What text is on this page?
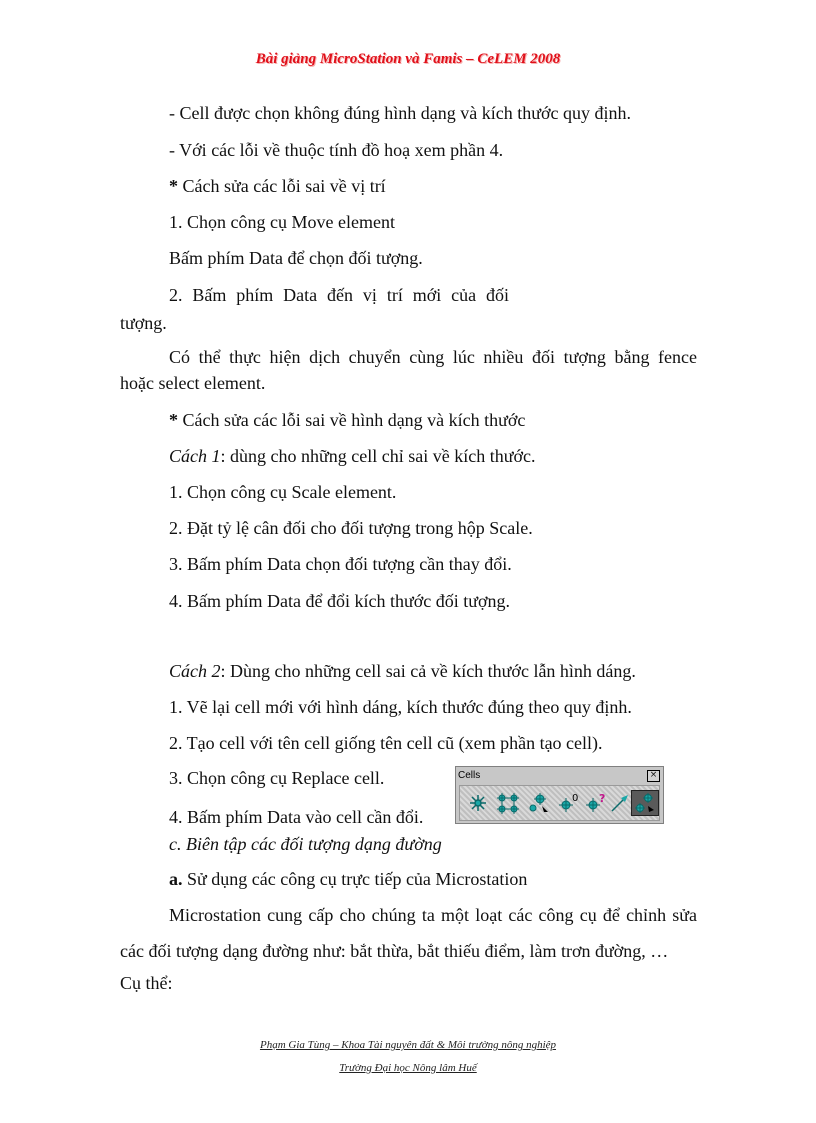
Bài giảng MicroStation và Famis – CeLEM 2008
- Cell được chọn không đúng hình dạng và kích thước quy định.
- Với các lỗi về thuộc tính đồ hoạ xem phần 4.
* Cách sửa các lỗi sai về vị trí
1. Chọn công cụ Move element
Bấm phím Data để chọn đối tượng.
2. Bấm phím Data đến vị trí mới của đối
tượng.
Có thể thực hiện dịch chuyển cùng lúc nhiều đối tượng bằng fence
hoặc select element.
* Cách sửa các lỗi sai về hình dạng và kích thước
Cách 1: dùng cho những cell chỉ sai về kích thước.
1. Chọn công cụ Scale element.
2. Đặt tỷ lệ cân đối cho đối tượng trong hộp Scale.
3. Bấm phím Data chọn đối tượng cần thay đổi.
4. Bấm phím Data để đổi kích thước đối tượng.
Cách 2: Dùng cho những cell sai cả về kích thước lẫn hình dáng.
1. Vẽ lại cell mới với hình dáng, kích thước đúng theo quy định.
2. Tạo cell với tên cell giống tên cell cũ (xem phần tạo cell).
3. Chọn công cụ Replace cell.
4. Bấm phím Data vào cell cần đổi.
c. Biên tập các đối tượng dạng đường
a. Sử dụng các công cụ trực tiếp của Microstation
Microstation cung cấp cho chúng ta một loạt các công cụ để chỉnh sửa
các đối tượng dạng đường như: bắt thừa, bắt thiếu điểm, làm trơn đường, …
Cụ thể:
Cells	×
0 ?
Phạm Gia Tùng – Khoa Tài nguyên đất & Môi trường nông nghiệp
Trường Đại học Nông lâm Huế
